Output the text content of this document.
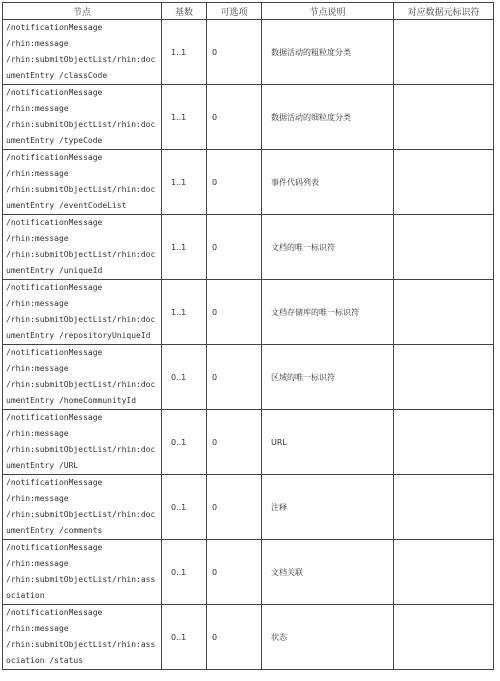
节点	基数	可选项	节点说明	对应数据元标识符
/notificationMessage
/rhin:message
/rhin:submitObjectList/rhin:doc
umentEntry /classCode	1..1	0	数据活动的粗粒度分类	
/notificationMessage
/rhin:message
/rhin:submitObjectList/rhin:doc
umentEntry /typeCode	1..1	0	数据活动的细粒度分类	
/notificationMessage
/rhin:message
/rhin:submitObjectList/rhin:doc
umentEntry /eventCodeList	1..1	0	事件代码列表	
/notificationMessage
/rhin:message
/rhin:submitObjectList/rhin:doc
umentEntry /uniqueId	1..1	0	文档的唯一标识符	
/notificationMessage
/rhin:message
/rhin:submitObjectList/rhin:doc
umentEntry /repositoryUniqueId	1..1	0	文档存储库的唯一标识符	
/notificationMessage
/rhin:message
/rhin:submitObjectList/rhin:doc
umentEntry /homeCommunityId	0..1	0	区域的唯一标识符	
/notificationMessage
/rhin:message
/rhin:submitObjectList/rhin:doc
umentEntry /URL	0..1	0	URL	
/notificationMessage
/rhin:message
/rhin:submitObjectList/rhin:doc
umentEntry /comments	0..1	0	注释	
/notificationMessage
/rhin:message
/rhin:submitObjectList/rhin:ass
ociation	0..1	0	文档关联	
/notificationMessage
/rhin:message
/rhin:submitObjectList/rhin:ass
ociation /status	0..1	0	状态	
